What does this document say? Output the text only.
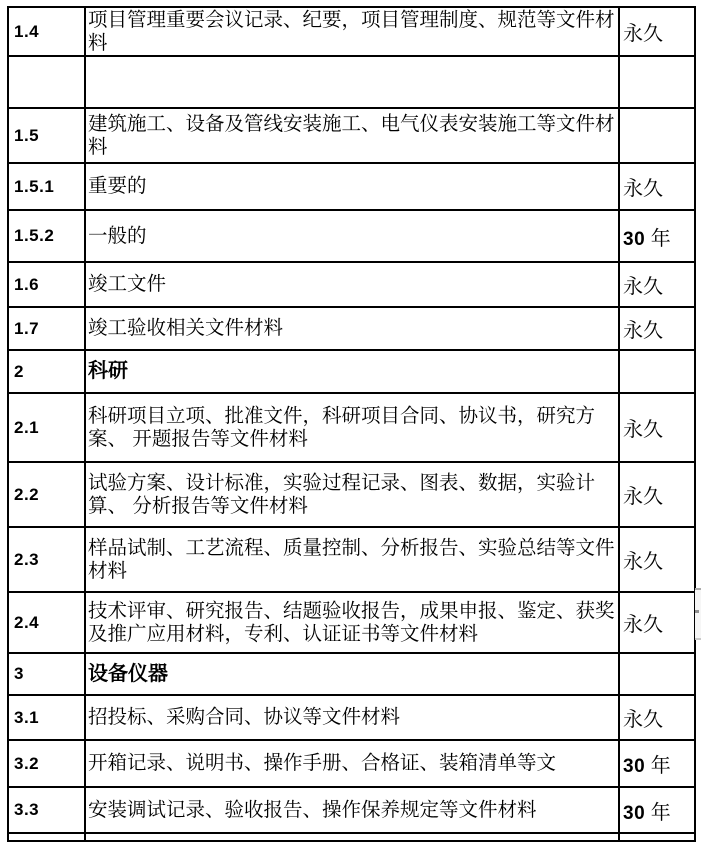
1.4	项目管理重要会议记录、纪要，项目管理制度、规范等文件材 料	永久

1.5	建筑施工、设备及管线安装施工、电气仪表安装施工等文件材 料	
1.5.1	重要的	永久
1.5.2	一般的	30 年
1.6	竣工文件	永久
1.7	竣工验收相关文件材料	永久
2	科研	
2.1	科研项目立项、批准文件，科研项目合同、协议书，研究方案、 开题报告等文件材料	永久
2.2	试验方案、设计标准，实验过程记录、图表、数据，实验计算、 分析报告等文件材料	永久
2.3	样品试制、工艺流程、质量控制、分析报告、实验总结等文件 材料	永久
2.4	技术评审、研究报告、结题验收报告，成果申报、鉴定、获奖 及推广应用材料，专利、认证证书等文件材料	永久
3	设备仪器	
3.1	招投标、采购合同、协议等文件材料	永久
3.2	开箱记录、说明书、操作手册、合格证、装箱清单等文	30 年
3.3	安装调试记录、验收报告、操作保养规定等文件材料	30 年
